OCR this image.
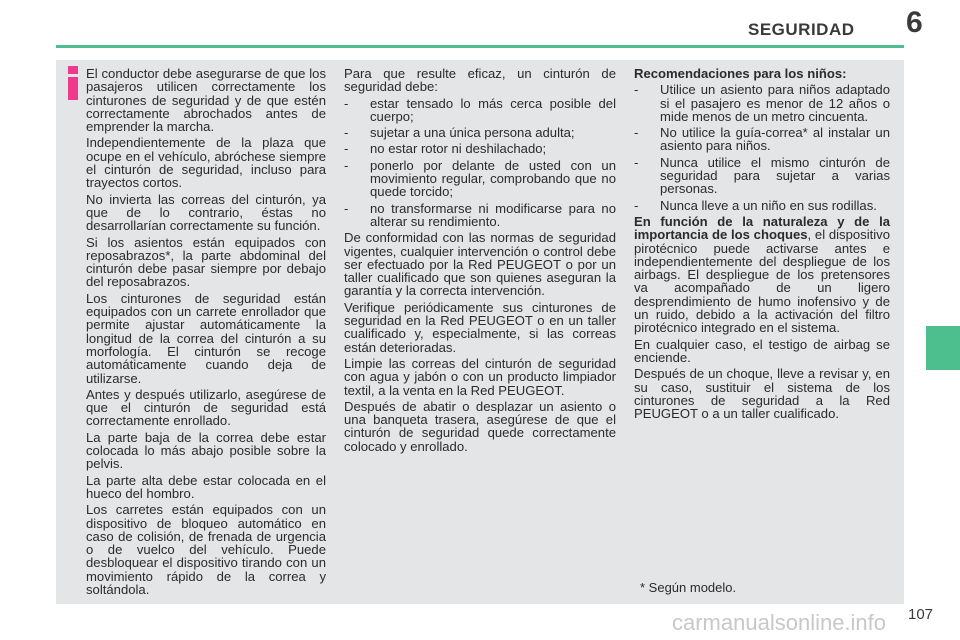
SEGURIDAD 6

El conductor debe asegurarse de que los pasajeros utilicen correctamente los cinturones de seguridad y de que estén correctamente abrochados antes de emprender la marcha.

Independientemente de la plaza que ocupe en el vehículo, abróchese siempre el cinturón de seguridad, incluso para trayectos cortos.

No invierta las correas del cinturón, ya que de lo contrario, éstas no desarrollarían correctamente su función.

Si los asientos están equipados con reposabrazos*, la parte abdominal del cinturón debe pasar siempre por debajo del reposabrazos.

Los cinturones de seguridad están equipados con un carrete enrollador que permite ajustar automáticamente la longitud de la correa del cinturón a su morfología. El cinturón se recoge automáticamente cuando deja de utilizarse.

Antes y después utilizarlo, asegúrese de que el cinturón de seguridad está correctamente enrollado.

La parte baja de la correa debe estar colocada lo más abajo posible sobre la pelvis.

La parte alta debe estar colocada en el hueco del hombro.

Los carretes están equipados con un dispositivo de bloqueo automático en caso de colisión, de frenada de urgencia o de vuelco del vehículo. Puede desbloquear el dispositivo tirando con un movimiento rápido de la correa y soltándola.

Para que resulte eficaz, un cinturón de seguridad debe:

- estar tensado lo más cerca posible del cuerpo;
- sujetar a una única persona adulta;
- no estar rotor ni deshilachado;
- ponerlo por delante de usted con un movimiento regular, comprobando que no quede torcido;
- no transformarse ni modificarse para no alterar su rendimiento.

De conformidad con las normas de seguridad vigentes, cualquier intervención o control debe ser efectuado por la Red PEUGEOT o por un taller cualificado que son quienes aseguran la garantía y la correcta intervención.

Verifique periódicamente sus cinturones de seguridad en la Red PEUGEOT o en un taller cualificado y, especialmente, si las correas están deterioradas.

Limpie las correas del cinturón de seguridad con agua y jabón o con un producto limpiador textil, a la venta en la Red PEUGEOT.

Después de abatir o desplazar un asiento o una banqueta trasera, asegúrese de que el cinturón de seguridad quede correctamente colocado y enrollado.

Recomendaciones para los niños:

- Utilice un asiento para niños adaptado si el pasajero es menor de 12 años o mide menos de un metro cincuenta.
- No utilice la guía-correa* al instalar un asiento para niños.
- Nunca utilice el mismo cinturón de seguridad para sujetar a varias personas.
- Nunca lleve a un niño en sus rodillas.

En función de la naturaleza y de la importancia de los choques, el dispositivo pirotécnico puede activarse antes e independientemente del despliegue de los airbags. El despliegue de los pretensores va acompañado de un ligero desprendimiento de humo inofensivo y de un ruido, debido a la activación del filtro pirotécnico integrado en el sistema.

En cualquier caso, el testigo de airbag se enciende.

Después de un choque, lleve a revisar y, en su caso, sustituir el sistema de los cinturones de seguridad a la Red PEUGEOT o a un taller cualificado.

* Según modelo.
carmanualsonline.info 107
